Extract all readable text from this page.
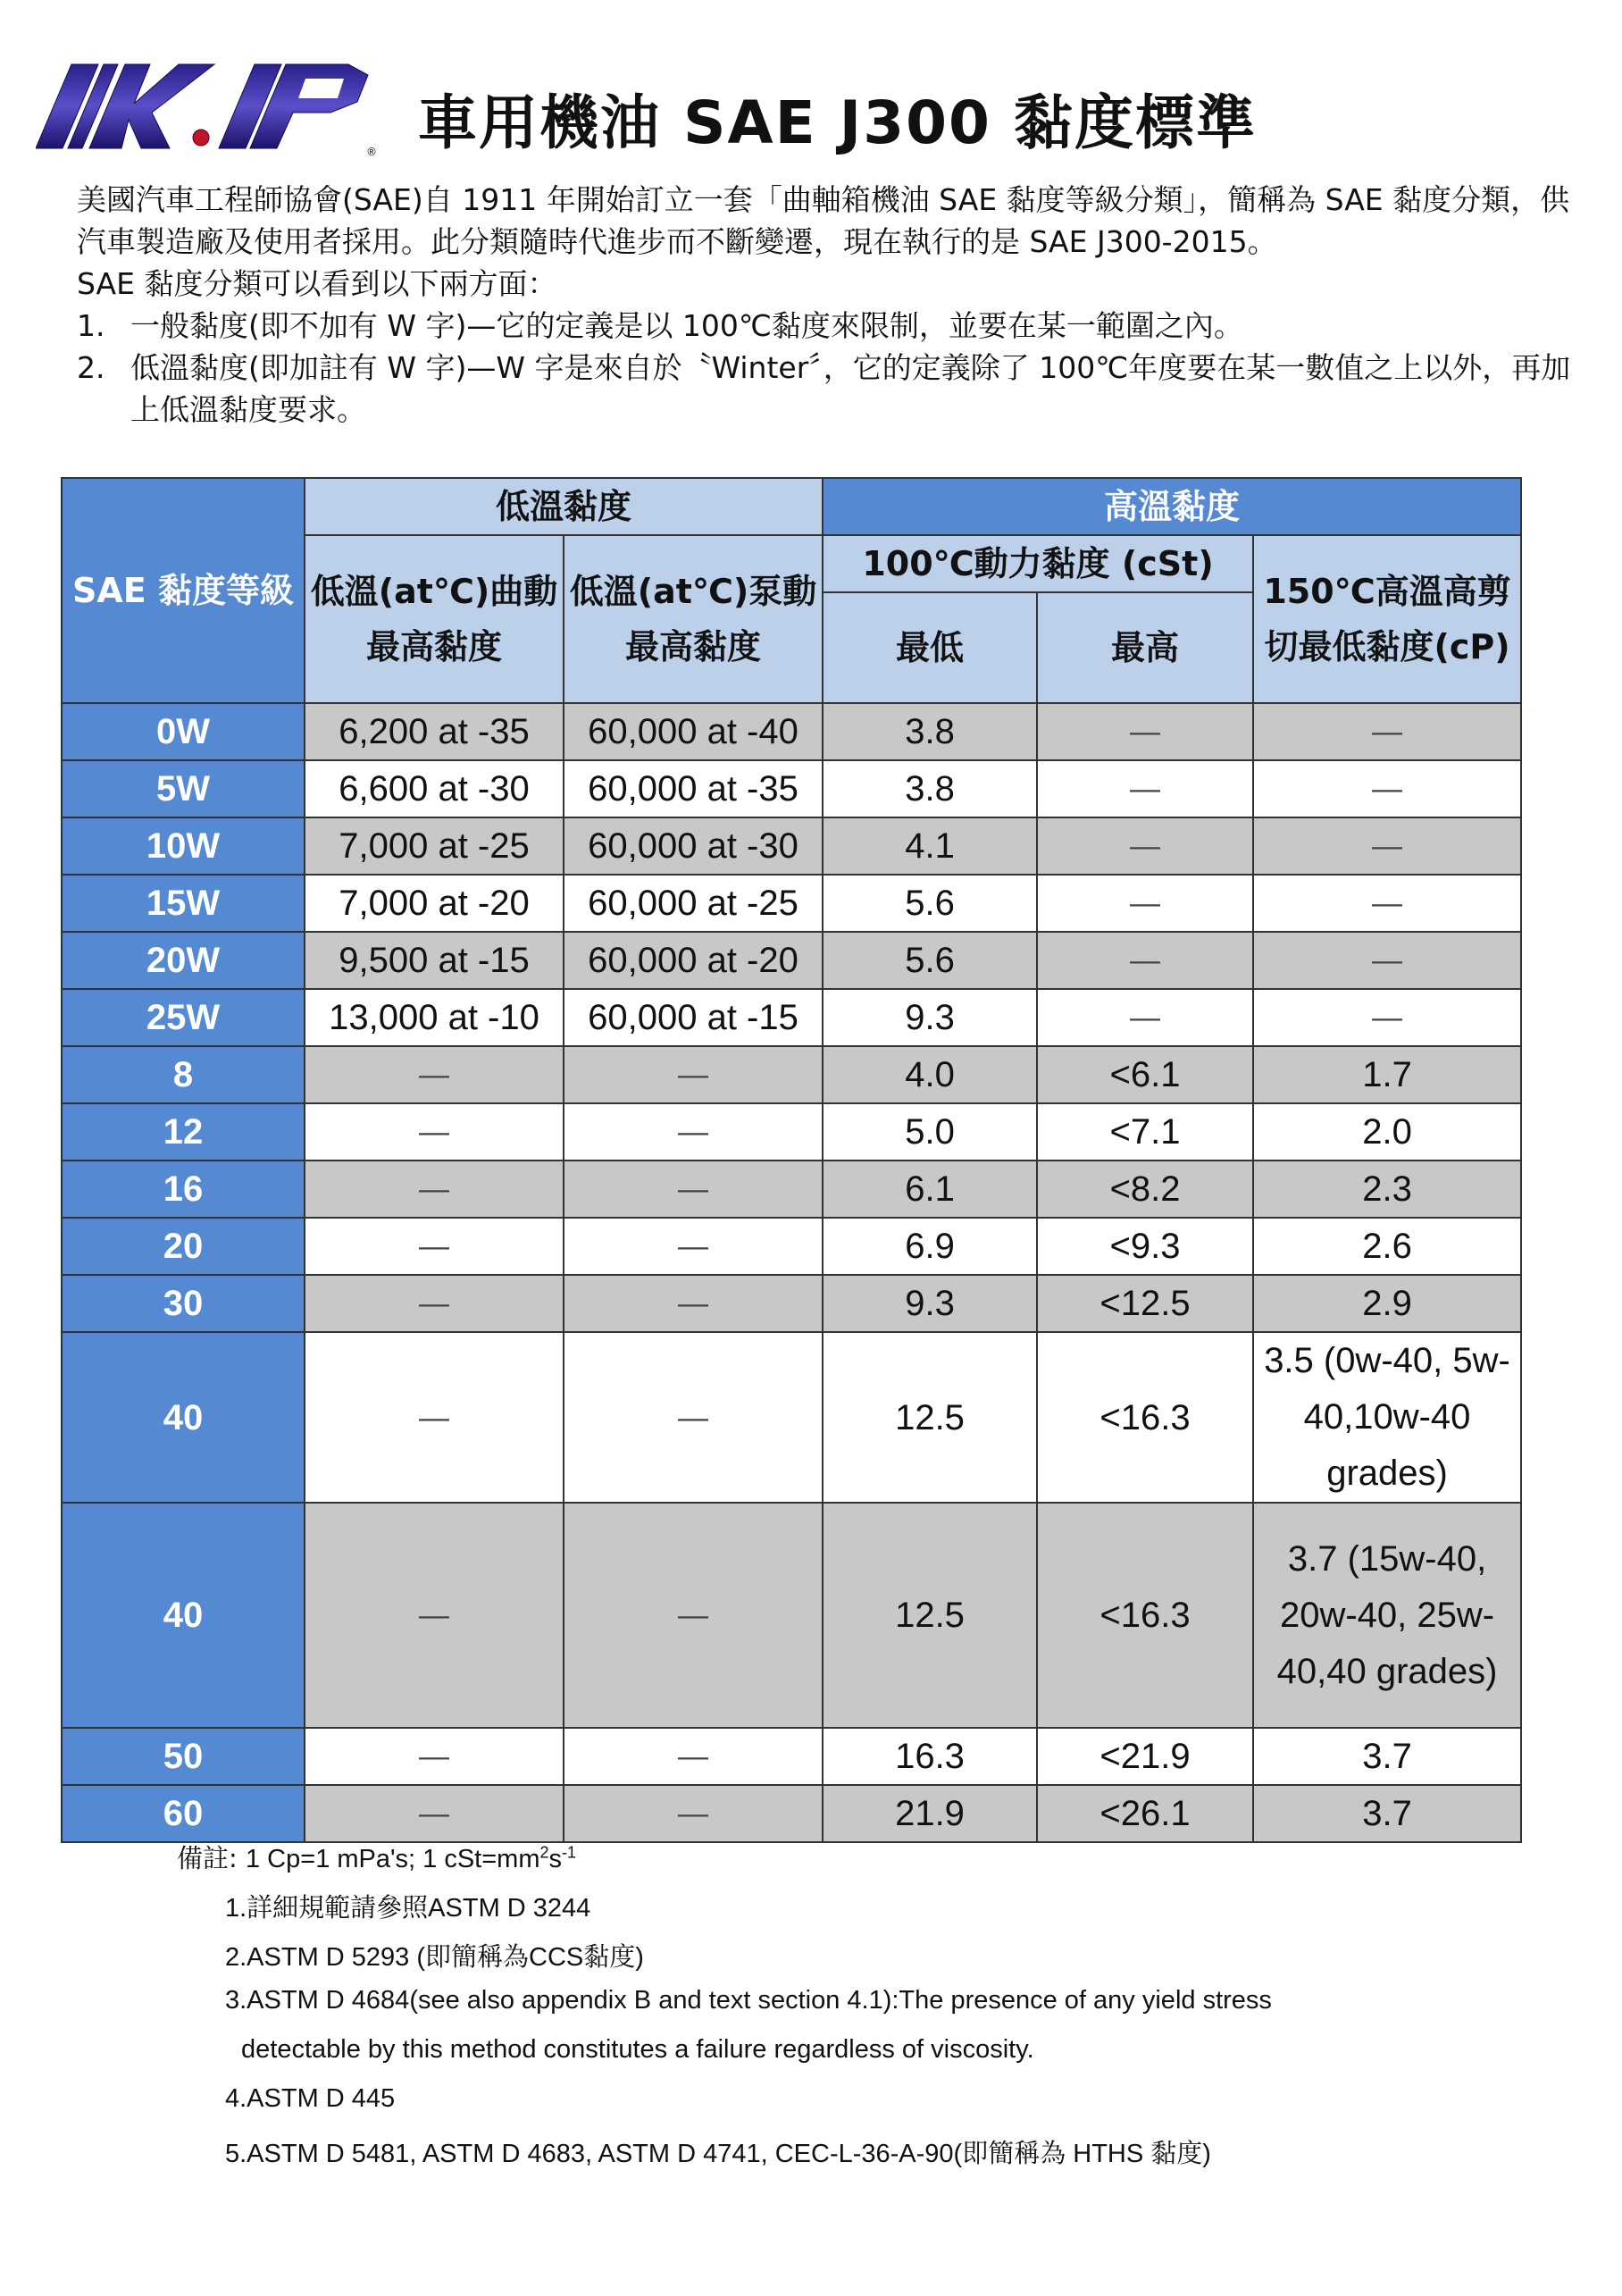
® 車用機油 SAE J300 黏度標準

美國汽車工程師協會(SAE)自 1911 年開始訂立一套「曲軸箱機油 SAE 黏度等級分類」，簡稱為 SAE 黏度分類，供汽車製造廠及使用者採用。此分類隨時代進步而不斷變遷，現在執行的是 SAE J300-2015。

SAE 黏度分類可以看到以下兩方面：

1. 一般黏度(即不加有 W 字)—它的定義是以 100℃黏度來限制，並要在某一範圍之內。
2. 低溫黏度(即加註有 W 字)—W 字是來自於〝Winter〞，它的定義除了 100℃年度要在某一數值之上以外，再加上低溫黏度要求。
SAE 黏度等級	低溫黏度		高溫黏度		
	低溫(at℃)曲動最高黏度	低溫(at℃)泵動最高黏度	100℃動力黏度 (cSt)		150℃高溫高剪切最低黏度(cP)
			最低	最高	
0W	6,200 at -35	60,000 at -40	3.8	—	—
5W	6,600 at -30	60,000 at -35	3.8	—	—
10W	7,000 at -25	60,000 at -30	4.1	—	—
15W	7,000 at -20	60,000 at -25	5.6	—	—
20W	9,500 at -15	60,000 at -20	5.6	—	—
25W	13,000 at -10	60,000 at -15	9.3	—	—
8	—	—	4.0	<6.1	1.7
12	—	—	5.0	<7.1	2.0
16	—	—	6.1	<8.2	2.3
20	—	—	6.9	<9.3	2.6
30	—	—	9.3	<12.5	2.9
40	—	—	12.5	<16.3	3.5 (0w-40, 5w-40,10w-40 grades)
40	—	—	12.5	<16.3	3.7 (15w-40, 20w-40, 25w-40,40 grades)
50	—	—	16.3	<21.9	3.7
60	—	—	21.9	<26.1	3.7
備註: 1 Cp=1 mPa's; 1 $cSt=mm^2s^{-1}$
1.詳細規範請參照ASTM D 3244
2.ASTM D 5293 (即簡稱為CCS黏度)
3.ASTM D 4684(see also appendix B and text section 4.1):The presence of any yield stress
detectable by this method constitutes a failure regardless of viscosity.
4.ASTM D 445
5.ASTM D 5481, ASTM D 4683, ASTM D 4741, CEC-L-36-A-90(即簡稱為 HTHS 黏度)
